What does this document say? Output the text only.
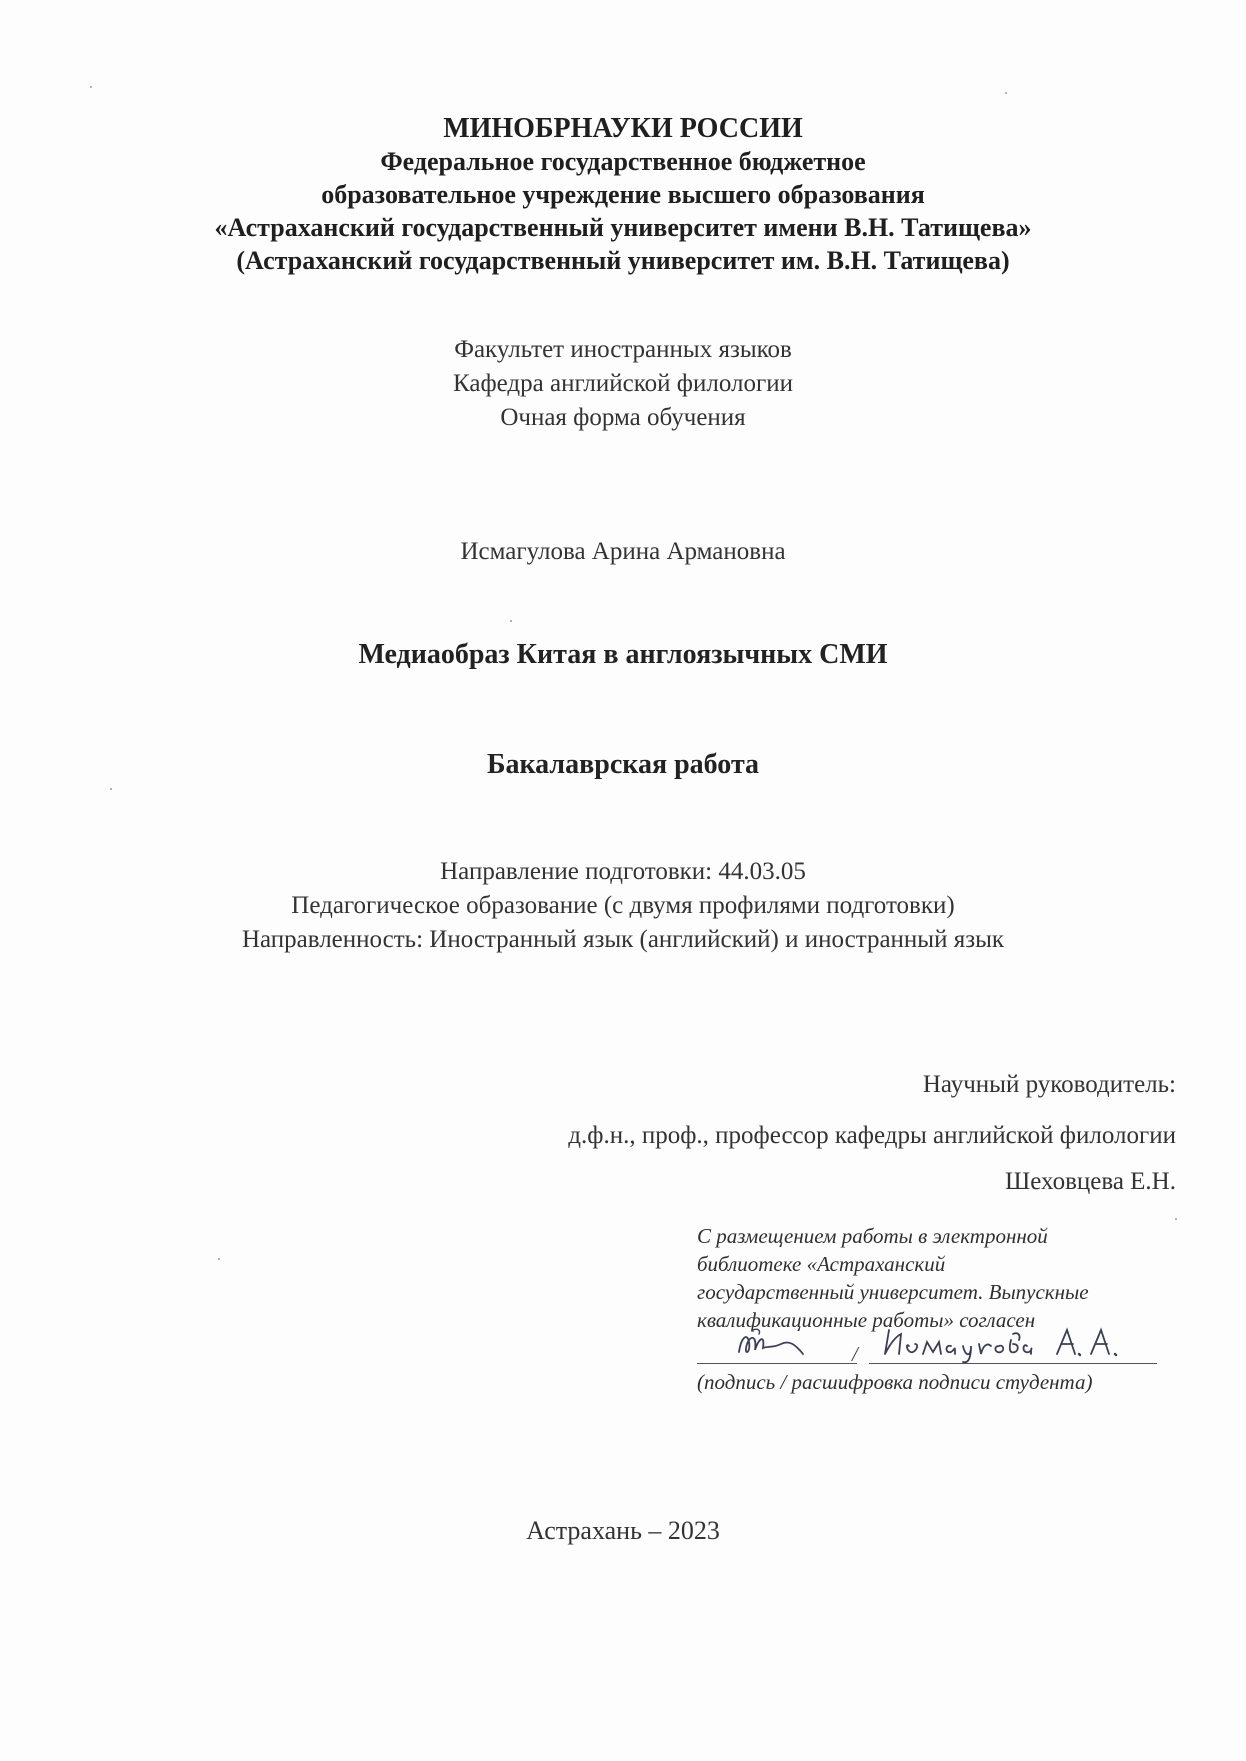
МИНОБРНАУКИ РОССИИ
Федеральное государственное бюджетное
образовательное учреждение высшего образования
«Астраханский государственный университет имени В.Н. Татищева»
(Астраханский государственный университет им. В.Н. Татищева)
Факультет иностранных языков
Кафедра английской филологии
Очная форма обучения
Исмагулова Арина Армановна
Медиаобраз Китая в англоязычных СМИ
Бакалаврская работа
Направление подготовки: 44.03.05
Педагогическое образование (с двумя профилями подготовки)
Направленность: Иностранный язык (английский) и иностранный язык
Научный руководитель:
д.ф.н., проф., профессор кафедры английской филологии
Шеховцева Е.Н.
С размещением работы в электронной
библиотеке «Астраханский
государственный университет. Выпускные
квалификационные работы» согласен
/
(подпись / расшифровка подписи студента)
Астрахань – 2023
